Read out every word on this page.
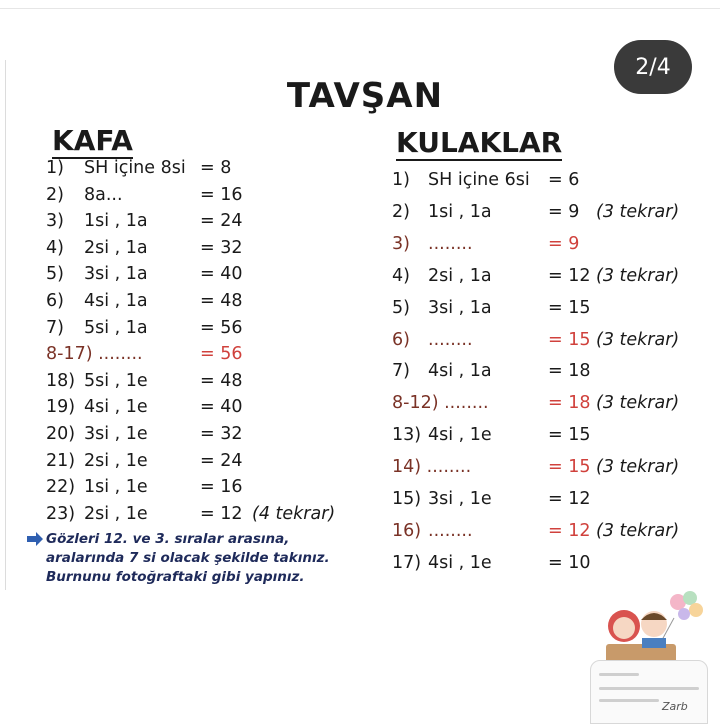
2/4
TAVŞAN
KAFA	KULAKLAR
1) SH içine 8si = 8
2) 8a...	= 16
3) 1si , 1a	= 24
4) 2si , 1a	= 32
5) 3si , 1a	= 40
6) 4si , 1a	= 48
7) 5si , 1a	= 56
8-17) ........	= 56
18) 5si , 1e	= 48
19) 4si , 1e	= 40
20) 3si , 1e	= 32
21) 2si , 1e	= 24
22) 1si , 1e	= 16
23) 2si , 1e	= 12 (4 tekrar)
1) SH içine 6si = 6
2) 1si , 1a	= 9 (3 tekrar)
3) ........	= 9
4) 2si , 1a	= 12 (3 tekrar)
5) 3si , 1a	= 15
6) ........	= 15 (3 tekrar)
7) 4si , 1a	= 18
8-12) ........	= 18 (3 tekrar)
13) 4si , 1e	= 15
14) ........	= 15 (3 tekrar)
15) 3si , 1e	= 12
16) ........	= 12 (3 tekrar)
17) 4si , 1e	= 10
Gözleri 12. ve 3. sıralar arasına,
aralarında 7 si olacak şekilde takınız.
Burnunu fotoğraftaki gibi yapınız.
Zarb
